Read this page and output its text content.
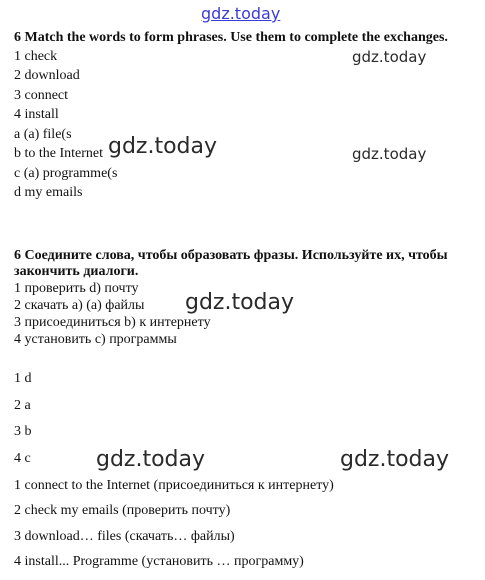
gdz.today
gdz.today
gdz.today	gdz.today
gdz.today
gdz.today	gdz.today
6 Match the words to form phrases. Use them to complete the exchanges.
1 check
2 download
3 connect
4 install
a (a) file(s
b to the Internet
c (a) programme(s
d my emails
6 Соедините слова, чтобы образовать фразы. Используйте их, чтобы
закончить диалоги.
1 проверить d) почту
2 скачать a) (a) файлы
3 присоединиться b) к интернету
4 установить c) программы
1 d
2 a
3 b
4 c
1 connect to the Internet (присоединиться к интернету)
2 check my emails (проверить почту)
3 download… files (скачать… файлы)
4 install... Programme (установить … программу)
